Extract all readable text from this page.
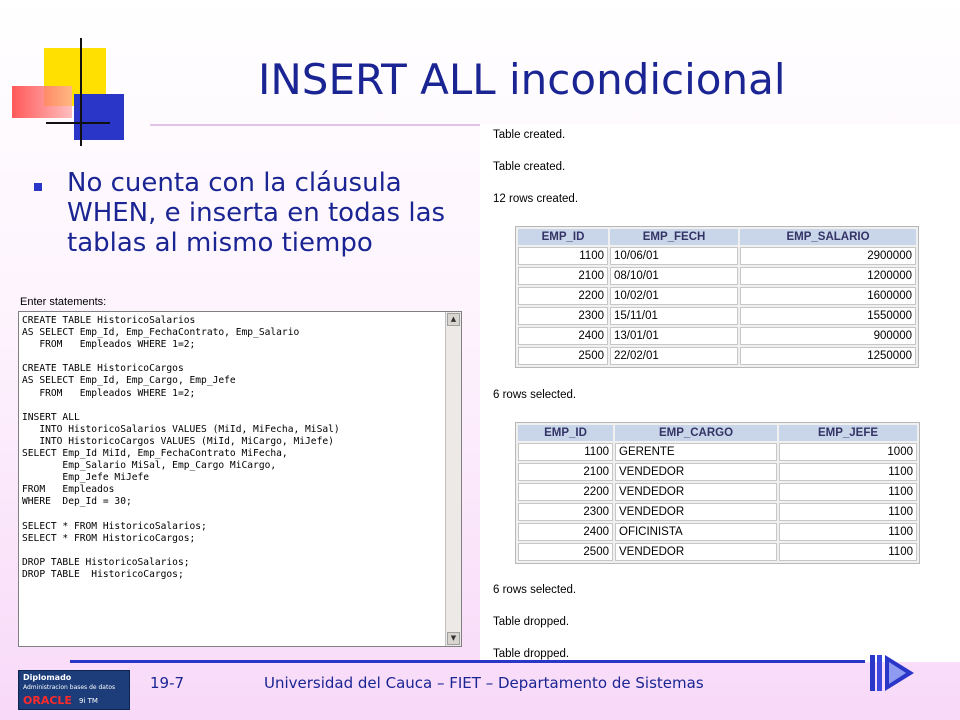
INSERT ALL incondicional
No cuenta con la cláusula WHEN, e inserta en todas las tablas al mismo tiempo
Enter statements:
CREATE TABLE HistoricoSalarios
AS SELECT Emp_Id, Emp_FechaContrato, Emp_Salario
FROM   Empleados WHERE 1=2;

CREATE TABLE HistoricoCargos
AS SELECT Emp_Id, Emp_Cargo, Emp_Jefe
FROM   Empleados WHERE 1=2;

INSERT ALL
INTO HistoricoSalarios VALUES (MiId, MiFecha, MiSal)
INTO HistoricoCargos VALUES (MiId, MiCargo, MiJefe)
SELECT Emp_Id MiId, Emp_FechaContrato MiFecha,
Emp_Salario MiSal, Emp_Cargo MiCargo,
Emp_Jefe MiJefe
FROM   Empleados
WHERE  Dep_Id = 30;

SELECT * FROM HistoricoSalarios;
SELECT * FROM HistoricoCargos;

DROP TABLE HistoricoSalarios;
DROP TABLE  HistoricoCargos;
▲
▼
Table created.
Table created.
12 rows created.
EMP_ID	EMP_FECH	EMP_SALARIO
1100	10/06/01	2900000
2100	08/10/01	1200000
2200	10/02/01	1600000
2300	15/11/01	1550000
2400	13/01/01	900000
2500	22/02/01	1250000
6 rows selected.
EMP_ID	EMP_CARGO	EMP_JEFE
1100	GERENTE	1000
2100	VENDEDOR	1100
2200	VENDEDOR	1100
2300	VENDEDOR	1100
2400	OFICINISTA	1100
2500	VENDEDOR	1100
6 rows selected.
Table dropped.
Table dropped.
Diplomado
Administracion bases de datos
ORACLE 9i TM
19-7	Universidad del Cauca – FIET – Departamento de Sistemas
